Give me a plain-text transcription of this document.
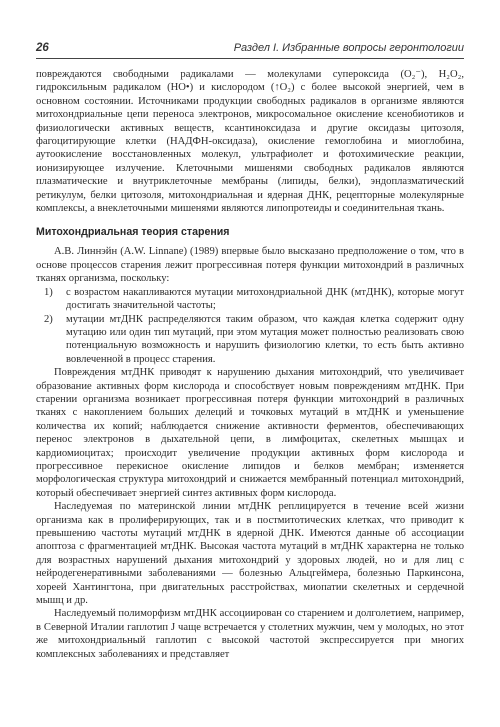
26	Раздел I. Избранные вопросы геронтологии

повреждаются свободными радикалами — молекулами супероксида (O₂⁻), H₂O₂, гидроксильным радикалом (HO•) и кислородом (↑O₂) с более высокой энергией, чем в основном состоянии. Источниками продукции свободных радикалов в организме являются митохондриальные цепи переноса электронов, микросомальное окисление ксенобиотиков и физиологически активных веществ, ксантиноксидаза и другие оксидазы цитозоля, фагоцитирующие клетки (НАДФН-оксидаза), окисление гемоглобина и миоглобина, аутоокисление восстановленных молекул, ультрафиолет и фотохимические реакции, ионизирующее излучение. Клеточными мишенями свободных радикалов являются плазматические и внутриклеточные мембраны (липиды, белки), эндоплазматический ретикулум, белки цитозоля, митохондриальная и ядерная ДНК, рецепторные молекулярные комплексы, а внеклеточными мишенями являются липопротеиды и соединительная ткань.

Митохондриальная теория старения

А.В. Линнэйн (A.W. Linnane) (1989) впервые было высказано предположение о том, что в основе процессов старения лежит прогрессивная потеря функции митохондрий в различных тканях организма, поскольку:

1) с возрастом накапливаются мутации митохондриальной ДНК (мтДНК), которые могут достигать значительной частоты;
2) мутации мтДНК распределяются таким образом, что каждая клетка содержит одну мутацию или один тип мутаций, при этом мутация может полностью реализовать свою потенциальную возможность и нарушить физиологию клетки, то есть быть активно вовлеченной в процесс старения.

Повреждения мтДНК приводят к нарушению дыхания митохондрий, что увеличивает образование активных форм кислорода и способствует новым повреждениям мтДНК. При старении организма возникает прогрессивная потеря функции митохондрий в различных тканях с накоплением больших делеций и точковых мутаций в мтДНК и уменьшение количества их копий; наблюдается снижение активности ферментов, обеспечивающих перенос электронов в дыхательной цепи, в лимфоцитах, скелетных мышцах и кардиомиоцитах; происходит увеличение продукции активных форм кислорода и прогрессивное перекисное окисление липидов и белков мембран; изменяется морфологическая структура митохондрий и снижается мембранный потенциал митохондрий, который обеспечивает энергией синтез активных форм кислорода.

Наследуемая по материнской линии мтДНК реплицируется в течение всей жизни организма как в пролиферирующих, так и в постмитотических клетках, что приводит к превышению частоты мутаций мтДНК в ядерной ДНК. Имеются данные об ассоциации апоптоза с фрагментацией мтДНК. Высокая частота мутаций в мтДНК характерна не только для возрастных нарушений дыхания митохондрий у здоровых людей, но и для лиц с нейродегенеративными заболеваниями — болезнью Альцгеймера, болезнью Паркинсона, хореей Хантингтона, при двигательных расстройствах, миопатии скелетных и сердечной мышц и др.

Наследуемый полиморфизм мтДНК ассоциирован со старением и долголетием, например, в Северной Италии гаплотип J чаще встречается у столетних мужчин, чем у молодых, но этот же митохондриальный гаплотип с высокой частотой экспрессируется при многих комплексных заболеваниях и представляет
